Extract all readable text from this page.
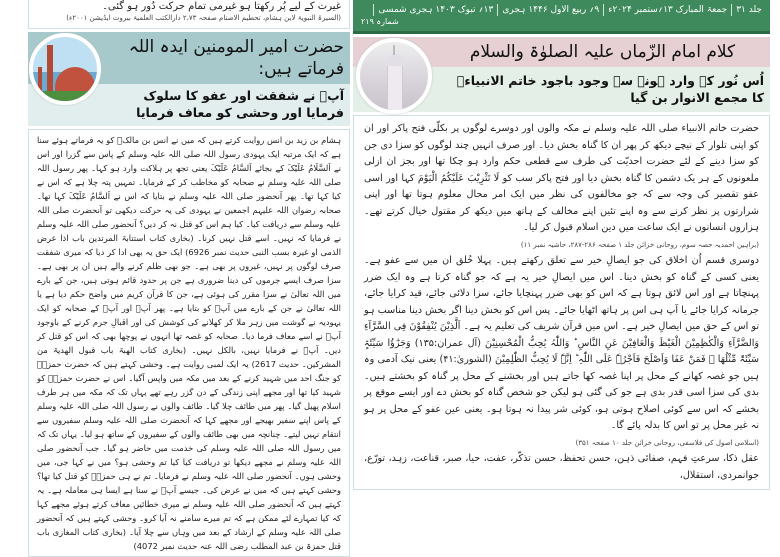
غیرت کے لیے پُر رکھتا ہو غیرمی تمام حرکت دُور ہو گئی۔
(السیرۃ النبویۃ لابن ہشام، تحطیم الاصنام صفحہ ۲،۷۳ دارالکتب العلمیۃ بیروت ایڈیشن ۲۰۰۱ء)
حضرت امیر المومنین ایدہ اللہ فرماتے ہیں:
آپؐ نے شفقت اور عفو کا سلوک فرمایا اور وحشی کو معاف فرمایا
ہشام بن زید بن انس روایت کرتے ہیں کہ میں نے انس بن مالکؓ کو یہ فرماتے ہوئے سنا ہے کہ ایک مرتبہ ایک یہودی رسول اللہ صلی اللہ علیہ وسلم کے پاس سے گزرا اور اس نے اَلسَّلَامُ عَلَیْکَ کے بجائے اَلسَّامُ عَلَیْکَ یعنی تجھ پر ہلاکت وارد ہو کہا۔ پھر رسول اللہ صلی اللہ علیہ وسلم نے صحابہ کو مخاطب کر کے فرمایا۔ تمہیں پتہ چلا ہے کہ اس نے کیا کہا تھا۔ پھر آنحضور صلی اللہ علیہ وسلم نے بتایا کہ اس نے اَلسَّامُ عَلَیْکَ کہا تھا۔ صحابہ رضوان اللہ علیہم اجمعین نے یہودی کی یہ حرکت دیکھی تو آنحضرت صلی اللہ علیہ وسلم سے دریافت کیا۔ کیا ہم اس کو قتل نہ کر دیں؟ آنحضور صلی اللہ علیہ وسلم نے فرمایا کہ نہیں۔ اسے قتل نہیں کرنا۔ (بخاری کتاب استتابۃ المرتدین باب اذا عرض الذمی او غیرہ بسب النبی حدیث نمبر 6926) ایک حق یہ بھی ادا کر دیا کہ میری شفقت صرف لوگوں پر نہیں، غیروں پر بھی ہے۔ جو بھی ظلم کرنے والے ہیں ان پر بھی ہے۔ سزا صرف ایسے جرموں کی دینا ضروری ہے جن پر حدود قائم ہوتی ہیں، جن کے بارے میں اللہ تعالیٰ نے سزا مقرر کی ہوئی ہے، جن کا قرآن کریم میں واضح حکم دیا ہے یا اللہ تعالیٰ نے جن کے بارے میں آپؐ کو بتایا ہے۔ پھر آپؐ اور آپؐ کے صحابہ کو ایک یہودیہ نے گوشت میں زہر ملا کر کھلانے کی کوشش کی اور اقبالِ جرم کرنے کے باوجود آپؐ نے اسے معاف فرما دیا۔ صحابہ کو غصہ تھا انہوں نے پوچھا بھی کہ اس کو قتل کر دیں۔ آپؐ نے فرمایا نہیں، بالکل نہیں۔ (بخاری کتاب الھبۃ باب قبول الھدیۃ من المشرکین۔ حدیث 2617) یہ ایک لمبی روایت ہے۔ وحشی کہتے ہیں کہ حضرت حمزہؓ کو جنگ احد میں شہید کرنے کے بعد میں مکہ میں واپس آگیا۔ اس نے حضرت حمزہؓ کو شہید کیا تھا اور مجھے اپنی زندگی کے دن گزر رہے تھے یہاں تک کہ مکہ میں ہر طرف اسلام پھیل گیا۔ پھر میں طائف چلا گیا۔ طائف والوں نے رسول اللہ صلی اللہ علیہ وسلم کے پاس اپنے سفیر بھیجے اور مجھے کہا کہ آنحضرت صلی اللہ علیہ وسلم سفیروں سے انتقام نہیں لیتے۔ چنانچہ میں بھی طائف والوں کے سفیروں کے ساتھ ہو لیا۔ یہاں تک کہ میں رسول اللہ صلی اللہ علیہ وسلم کی خدمت میں حاضر ہو گیا۔ جب آنحضور صلی اللہ علیہ وسلم نے مجھے دیکھا تو دریافت کیا کیا تم وحشی ہو؟ میں نے کہا جی، میں وحشی ہوں۔ آنحضور صلی اللہ علیہ وسلم نے فرمایا۔ تم نے ہی حمزہؓ کو قتل کیا تھا؟ وحشی کہتے ہیں کہ میں نے عرض کی۔ جیسے آپؐ نے سنا ہے ایسا ہی معاملہ ہے۔ یہ کہتے ہیں کہ آنحضور صلی اللہ علیہ وسلم نے میری خطائیں معاف کرتے ہوئے مجھے کہا کہ کیا تمہارے لئے ممکن ہے کہ تم میرے سامنے نہ آیا کرو۔ وحشی کہتے ہیں کہ آنحضور صلی اللہ علیہ وسلم کے ارشاد کے بعد میں وہاں سے چلا آیا۔ (بخاری کتاب المغازی باب قتل حمزۃ بن عبد المطلب رضی اللہ عنہ حدیث نمبر 4072)
جلد ۳۱
جمعۃ المبارک ۱۳؍ستمبر ۲۰۲۴ء
۹؍ ربیع الاول ۱۴۴۶ ہجری
۱۳؍ تبوک ۱۴۰۳ ہجری شمسی
شمارہ ۲۱۹
کلام امام الزّماں علیہ الصلوٰۃ والسلام
اُس نُور کے وارد ہونے سے وجود باجود خاتم الانبیاءؐ کا مجمع الانوار بن گیا
حضرت خاتم الانبیاء صلی اللہ علیہ وسلم نے مکہ والوں اور دوسرے لوگوں پر بکلّی فتح پاکر اور ان کو اپنی تلوار کے نیچے دیکھ کر پھر ان کا گناہ بخش دیا۔ اور صرف انہیں چند لوگوں کو سزا دی جن کو سزا دینے کے لئے حضرت احدیّت کی طرف سے قطعی حکم وارد ہو چکا تھا اور بجز ان ازلی ملعونوں کے ہر یک دشمن کا گناہ بخش دیا اور فتح پاکر سب کو لَا تَثْرِیْبَ عَلَیْکُمُ الْیَوْمَ کہا اور اسی عفو تقصیر کی وجہ سے کہ جو مخالفوں کی نظر میں ایک امر محال معلوم ہوتا تھا اور اپنی شرارتوں پر نظر کرنے سے وہ اپنے تئیں اپنے مخالف کے ہاتھ میں دیکھ کر مقتول خیال کرتے تھے۔ ہزاروں انسانوں نے ایک ساعت میں دین اسلام قبول کر لیا۔
(براہین احمدیہ حصہ سوم، روحانی خزائن جلد ۱ صفحہ ۲۸۶-۲۸۷، حاشیہ نمبر ۱۱)
دوسری قسم اُن اخلاق کی جو ایصالِ خیر سے تعلق رکھتے ہیں۔ پہلا خُلق ان میں سے عفو ہے۔ یعنی کسی کے گناہ کو بخش دینا۔ اس میں ایصالِ خیر یہ ہے کہ جو گناہ کرتا ہے وہ ایک ضرر پہنچاتا ہے اور اس لائق ہوتا ہے کہ اس کو بھی ضرر پہنچایا جائے، سزا دلائی جائے، قید کرایا جائے، جرمانہ کرایا جائے یا آپ ہی اس پر ہاتھ اٹھایا جائے۔ پس اس کو بخش دینا اگر بخش دینا مناسب ہو تو اس کے حق میں ایصالِ خیر ہے۔ اس میں قرآن شریف کی تعلیم یہ ہے۔ اَلَّذِیْنَ یُنْفِقُوْنَ فِی السَّرَّآءِ وَالضَّرَّآءِ وَالْکٰظِمِیْنَ الْغَیْظَ وَالْعَافِیْنَ عَنِ النَّاسِ ؕ وَاللّٰہُ یُحِبُّ الْمُحْسِنِیْنَ (آل عمران:۱۳۵) وَجَزٰٓؤُا سَیِّئَۃٍ سَیِّئَۃٌ مِّثْلُھَا ۚ فَمَنْ عَفَا وَاَصْلَحَ فَاَجْرُہٗ عَلَی اللّٰہِ ؕ اِنَّہٗ لَا یُحِبُّ الظّٰلِمِیْنَ (الشوریٰ:۴۱) یعنی نیک آدمی وہ ہیں جو غصہ کھانے کے محل پر اپنا غصہ کھا جاتے ہیں اور بخشنے کے محل پر گناہ کو بخشتے ہیں۔ بدی کی سزا اسی قدر بدی ہے جو کی گئی ہو لیکن جو شخص گناہ کو بخش دے اور ایسے موقع پر بخشے کہ اس سے کوئی اصلاح ہوتی ہو، کوئی شر پیدا نہ ہوتا ہو۔ یعنی عین عفو کے محل پر ہو نہ غیر محل پر تو اس کا بدلہ پائے گا۔
(اسلامی اصول کی فلاسفی، روحانی خزائن جلد ۱۰ صفحہ ۳۵۱)
عقل ذکا، سرعتِ فہم، صفائی ذہن، حسن تحفظ، حسن تذکّر، عفت، حیا، صبر، قناعت، زہد، تورّع، جوانمردی، استقلال،
